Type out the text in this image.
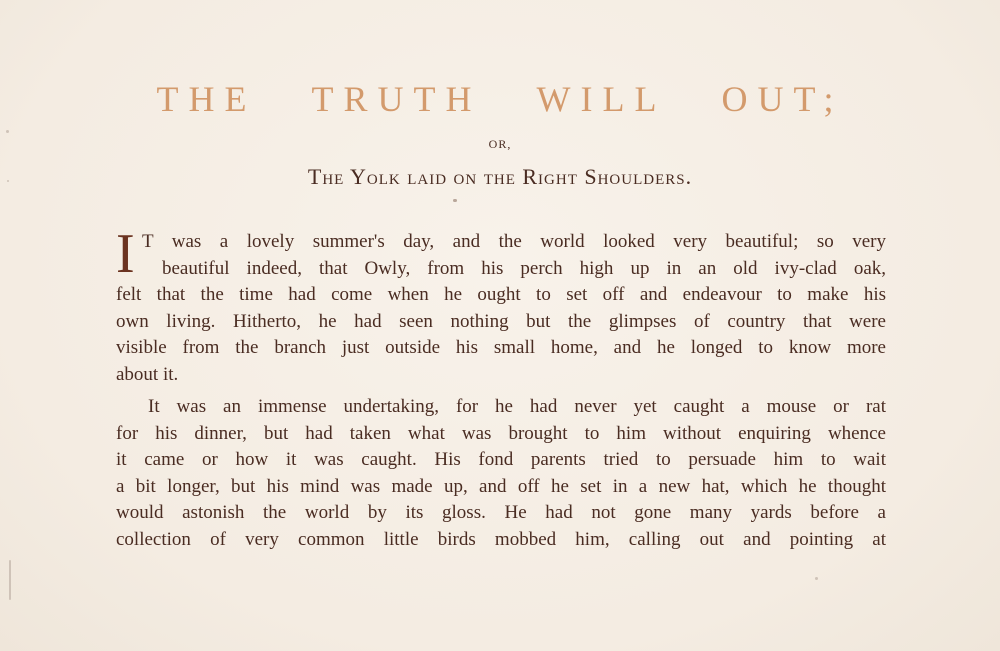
THE TRUTH WILL OUT;
OR,
The Yolk laid on the Right Shoulders.
I T was a lovely summer's day, and the world looked very beautiful; so very
beautiful indeed, that Owly, from his perch high up in an old ivy-clad oak,
felt that the time had come when he ought to set off and endeavour to make his
own living. Hitherto, he had seen nothing but the glimpses of country that were
visible from the branch just outside his small home, and he longed to know more
about it.
It was an immense undertaking, for he had never yet caught a mouse or rat
for his dinner, but had taken what was brought to him without enquiring whence
it came or how it was caught. His fond parents tried to persuade him to wait
a bit longer, but his mind was made up, and off he set in a new hat, which he thought
would astonish the world by its gloss. He had not gone many yards before a
collection of very common little birds mobbed him, calling out and pointing at
